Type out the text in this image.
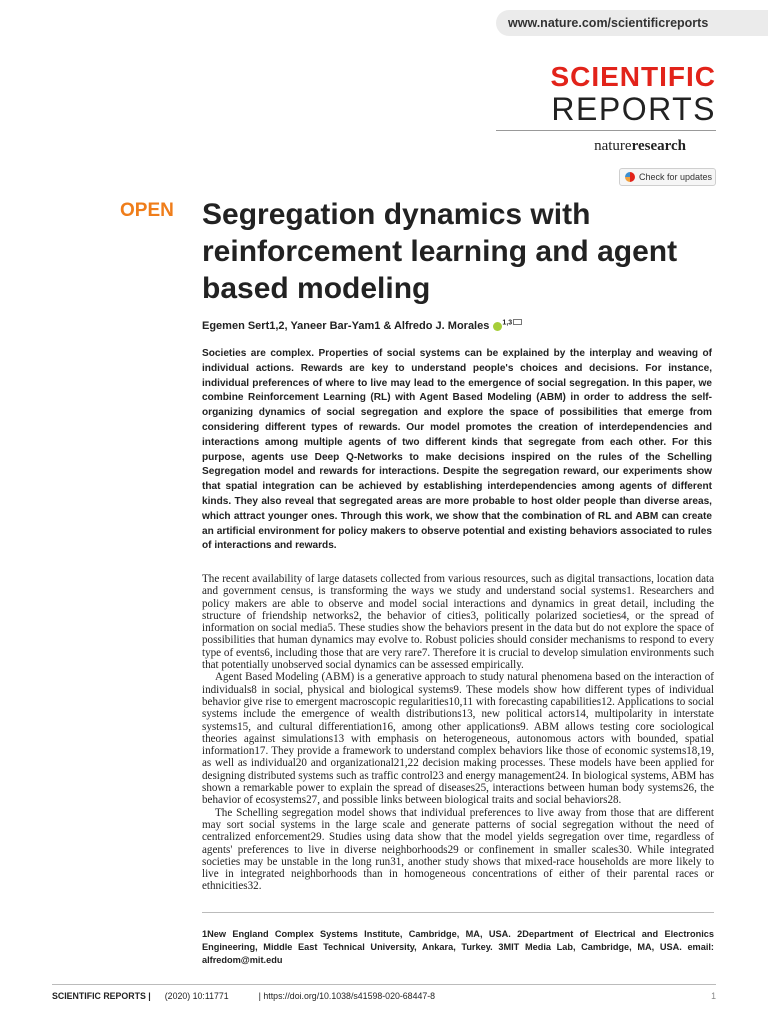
www.nature.com/scientificreports
SCIENTIFIC
REPORTS
natureresearch
Check for updates
OPEN Segregation dynamics with reinforcement learning and agent based modeling
Egemen Sert1,2, Yaneer Bar-Yam1 & Alfredo J. Morales $^{1,3}$
Societies are complex. Properties of social systems can be explained by the interplay and weaving of individual actions. Rewards are key to understand people's choices and decisions. For instance, individual preferences of where to live may lead to the emergence of social segregation. In this paper, we combine Reinforcement Learning (RL) with Agent Based Modeling (ABM) in order to address the self-organizing dynamics of social segregation and explore the space of possibilities that emerge from considering different types of rewards. Our model promotes the creation of interdependencies and interactions among multiple agents of two different kinds that segregate from each other. For this purpose, agents use Deep Q-Networks to make decisions inspired on the rules of the Schelling Segregation model and rewards for interactions. Despite the segregation reward, our experiments show that spatial integration can be achieved by establishing interdependencies among agents of different kinds. They also reveal that segregated areas are more probable to host older people than diverse areas, which attract younger ones. Through this work, we show that the combination of RL and ABM can create an artificial environment for policy makers to observe potential and existing behaviors associated to rules of interactions and rewards.

The recent availability of large datasets collected from various resources, such as digital transactions, location data and government census, is transforming the ways we study and understand social systems1. Researchers and policy makers are able to observe and model social interactions and dynamics in great detail, including the structure of friendship networks2, the behavior of cities3, politically polarized societies4, or the spread of information on social media5. These studies show the behaviors present in the data but do not explore the space of possibilities that human dynamics may evolve to. Robust policies should consider mechanisms to respond to every type of events6, including those that are very rare7. Therefore it is crucial to develop simulation environments such that potentially unobserved social dynamics can be assessed empirically.

Agent Based Modeling (ABM) is a generative approach to study natural phenomena based on the interaction of individuals8 in social, physical and biological systems9. These models show how different types of individual behavior give rise to emergent macroscopic regularities10,11 with forecasting capabilities12. Applications to social systems include the emergence of wealth distributions13, new political actors14, multipolarity in interstate systems15, and cultural differentiation16, among other applications9. ABM allows testing core sociological theories against simulations13 with emphasis on heterogeneous, autonomous actors with bounded, spatial information17. They provide a framework to understand complex behaviors like those of economic systems18,19, as well as individual20 and organizational21,22 decision making processes. These models have been applied for designing distributed systems such as traffic control23 and energy management24. In biological systems, ABM has shown a remarkable power to explain the spread of diseases25, interactions between human body systems26, the behavior of ecosystems27, and possible links between biological traits and social behaviors28.

The Schelling segregation model shows that individual preferences to live away from those that are different may sort social systems in the large scale and generate patterns of social segregation without the need of centralized enforcement29. Studies using data show that the model yields segregation over time, regardless of agents' preferences to live in diverse neighborhoods29 or confinement in smaller scales30. While integrated societies may be unstable in the long run31, another study shows that mixed-race households are more likely to live in integrated neighborhoods than in homogeneous concentrations of either of their parental races or ethnicities32.

1New England Complex Systems Institute, Cambridge, MA, USA. 2Department of Electrical and Electronics Engineering, Middle East Technical University, Ankara, Turkey. 3MIT Media Lab, Cambridge, MA, USA. email: alfredom@mit.edu
SCIENTIFIC REPORTS | (2020) 10:11771	| https://doi.org/10.1038/s41598-020-68447-8	1
